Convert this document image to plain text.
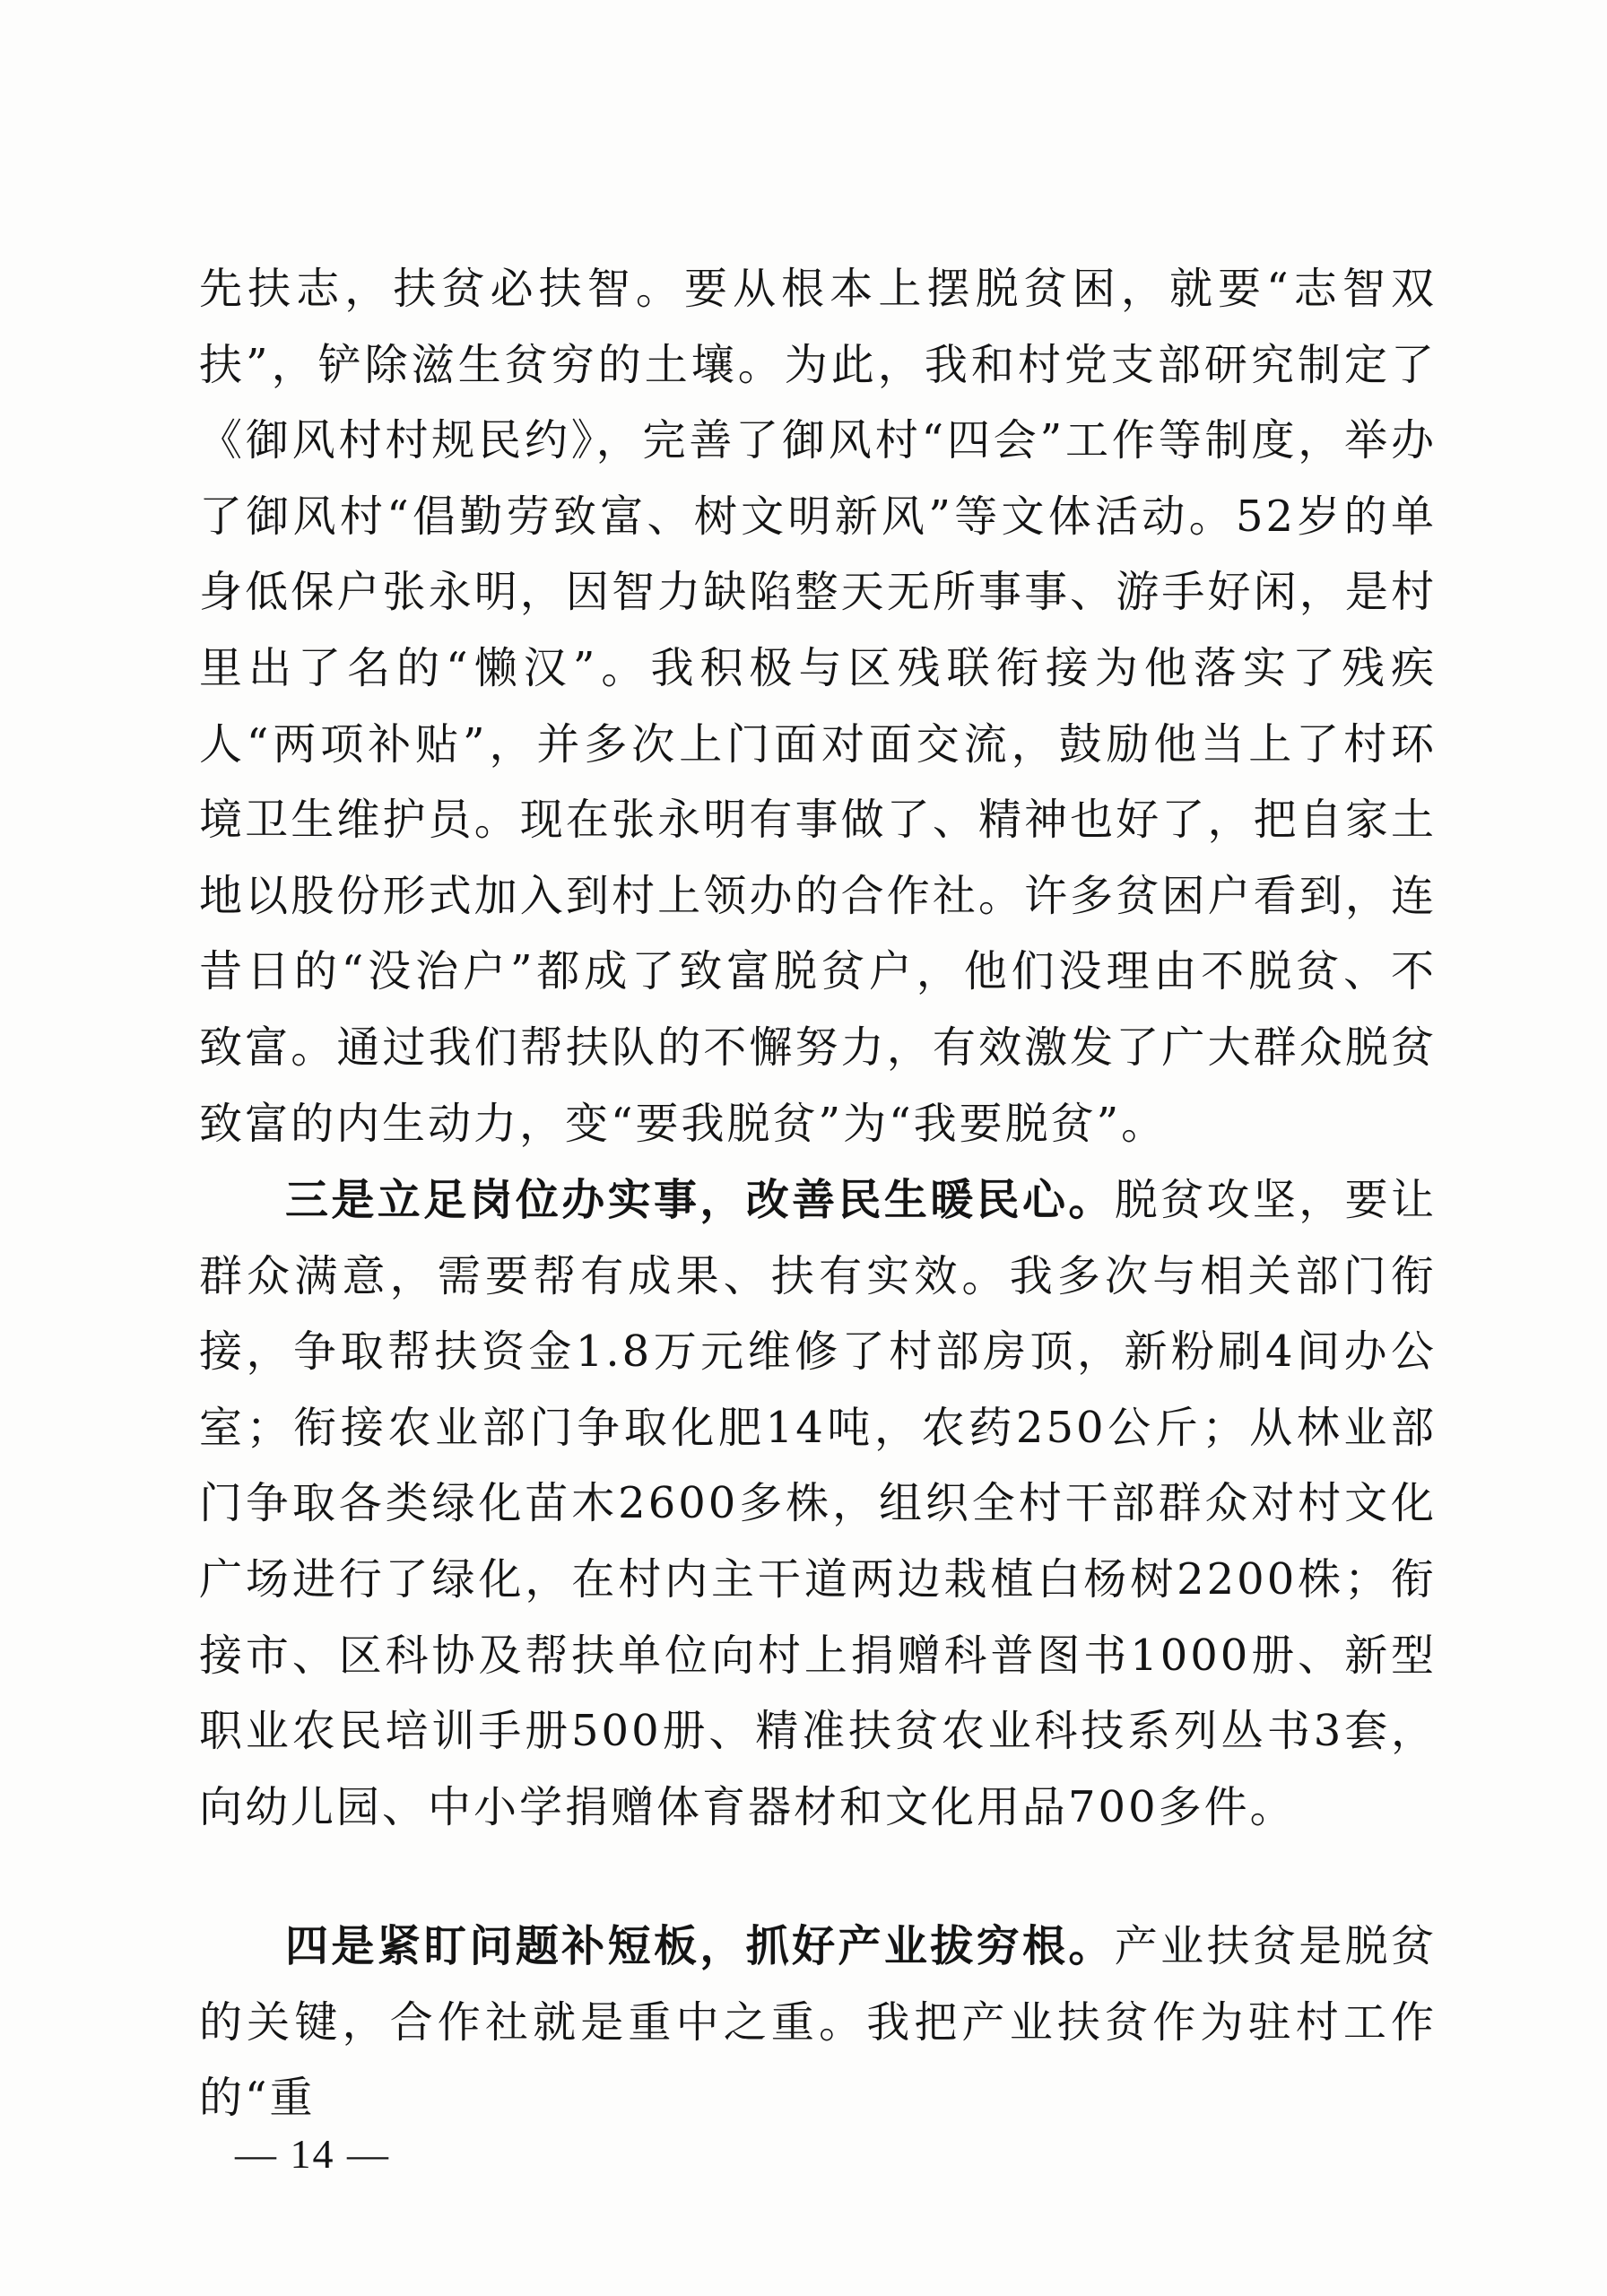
先扶志，扶贫必扶智。要从根本上摆脱贫困，就要“志智双扶”，铲除滋生贫穷的土壤。为此，我和村党支部研究制定了《御风村村规民约》，完善了御风村“四会”工作等制度，举办了御风村“倡勤劳致富、树文明新风”等文体活动。52岁的单身低保户张永明，因智力缺陷整天无所事事、游手好闲，是村里出了名的“懒汉”。我积极与区残联衔接为他落实了残疾人“两项补贴”，并多次上门面对面交流，鼓励他当上了村环境卫生维护员。现在张永明有事做了、精神也好了，把自家土地以股份形式加入到村上领办的合作社。许多贫困户看到，连昔日的“没治户”都成了致富脱贫户，他们没理由不脱贫、不致富。通过我们帮扶队的不懈努力，有效激发了广大群众脱贫致富的内生动力，变“要我脱贫”为“我要脱贫”。

三是立足岗位办实事，改善民生暖民心。脱贫攻坚，要让群众满意，需要帮有成果、扶有实效。我多次与相关部门衔接，争取帮扶资金1.8万元维修了村部房顶，新粉刷4间办公室；衔接农业部门争取化肥14吨，农药250公斤；从林业部门争取各类绿化苗木2600多株，组织全村干部群众对村文化广场进行了绿化，在村内主干道两边栽植白杨树2200株；衔接市、区科协及帮扶单位向村上捐赠科普图书1000册、新型职业农民培训手册500册、精准扶贫农业科技系列丛书3套，向幼儿园、中小学捐赠体育器材和文化用品700多件。

四是紧盯问题补短板，抓好产业拔穷根。产业扶贫是脱贫的关键，合作社就是重中之重。我把产业扶贫作为驻村工作的“重

— 14 —
